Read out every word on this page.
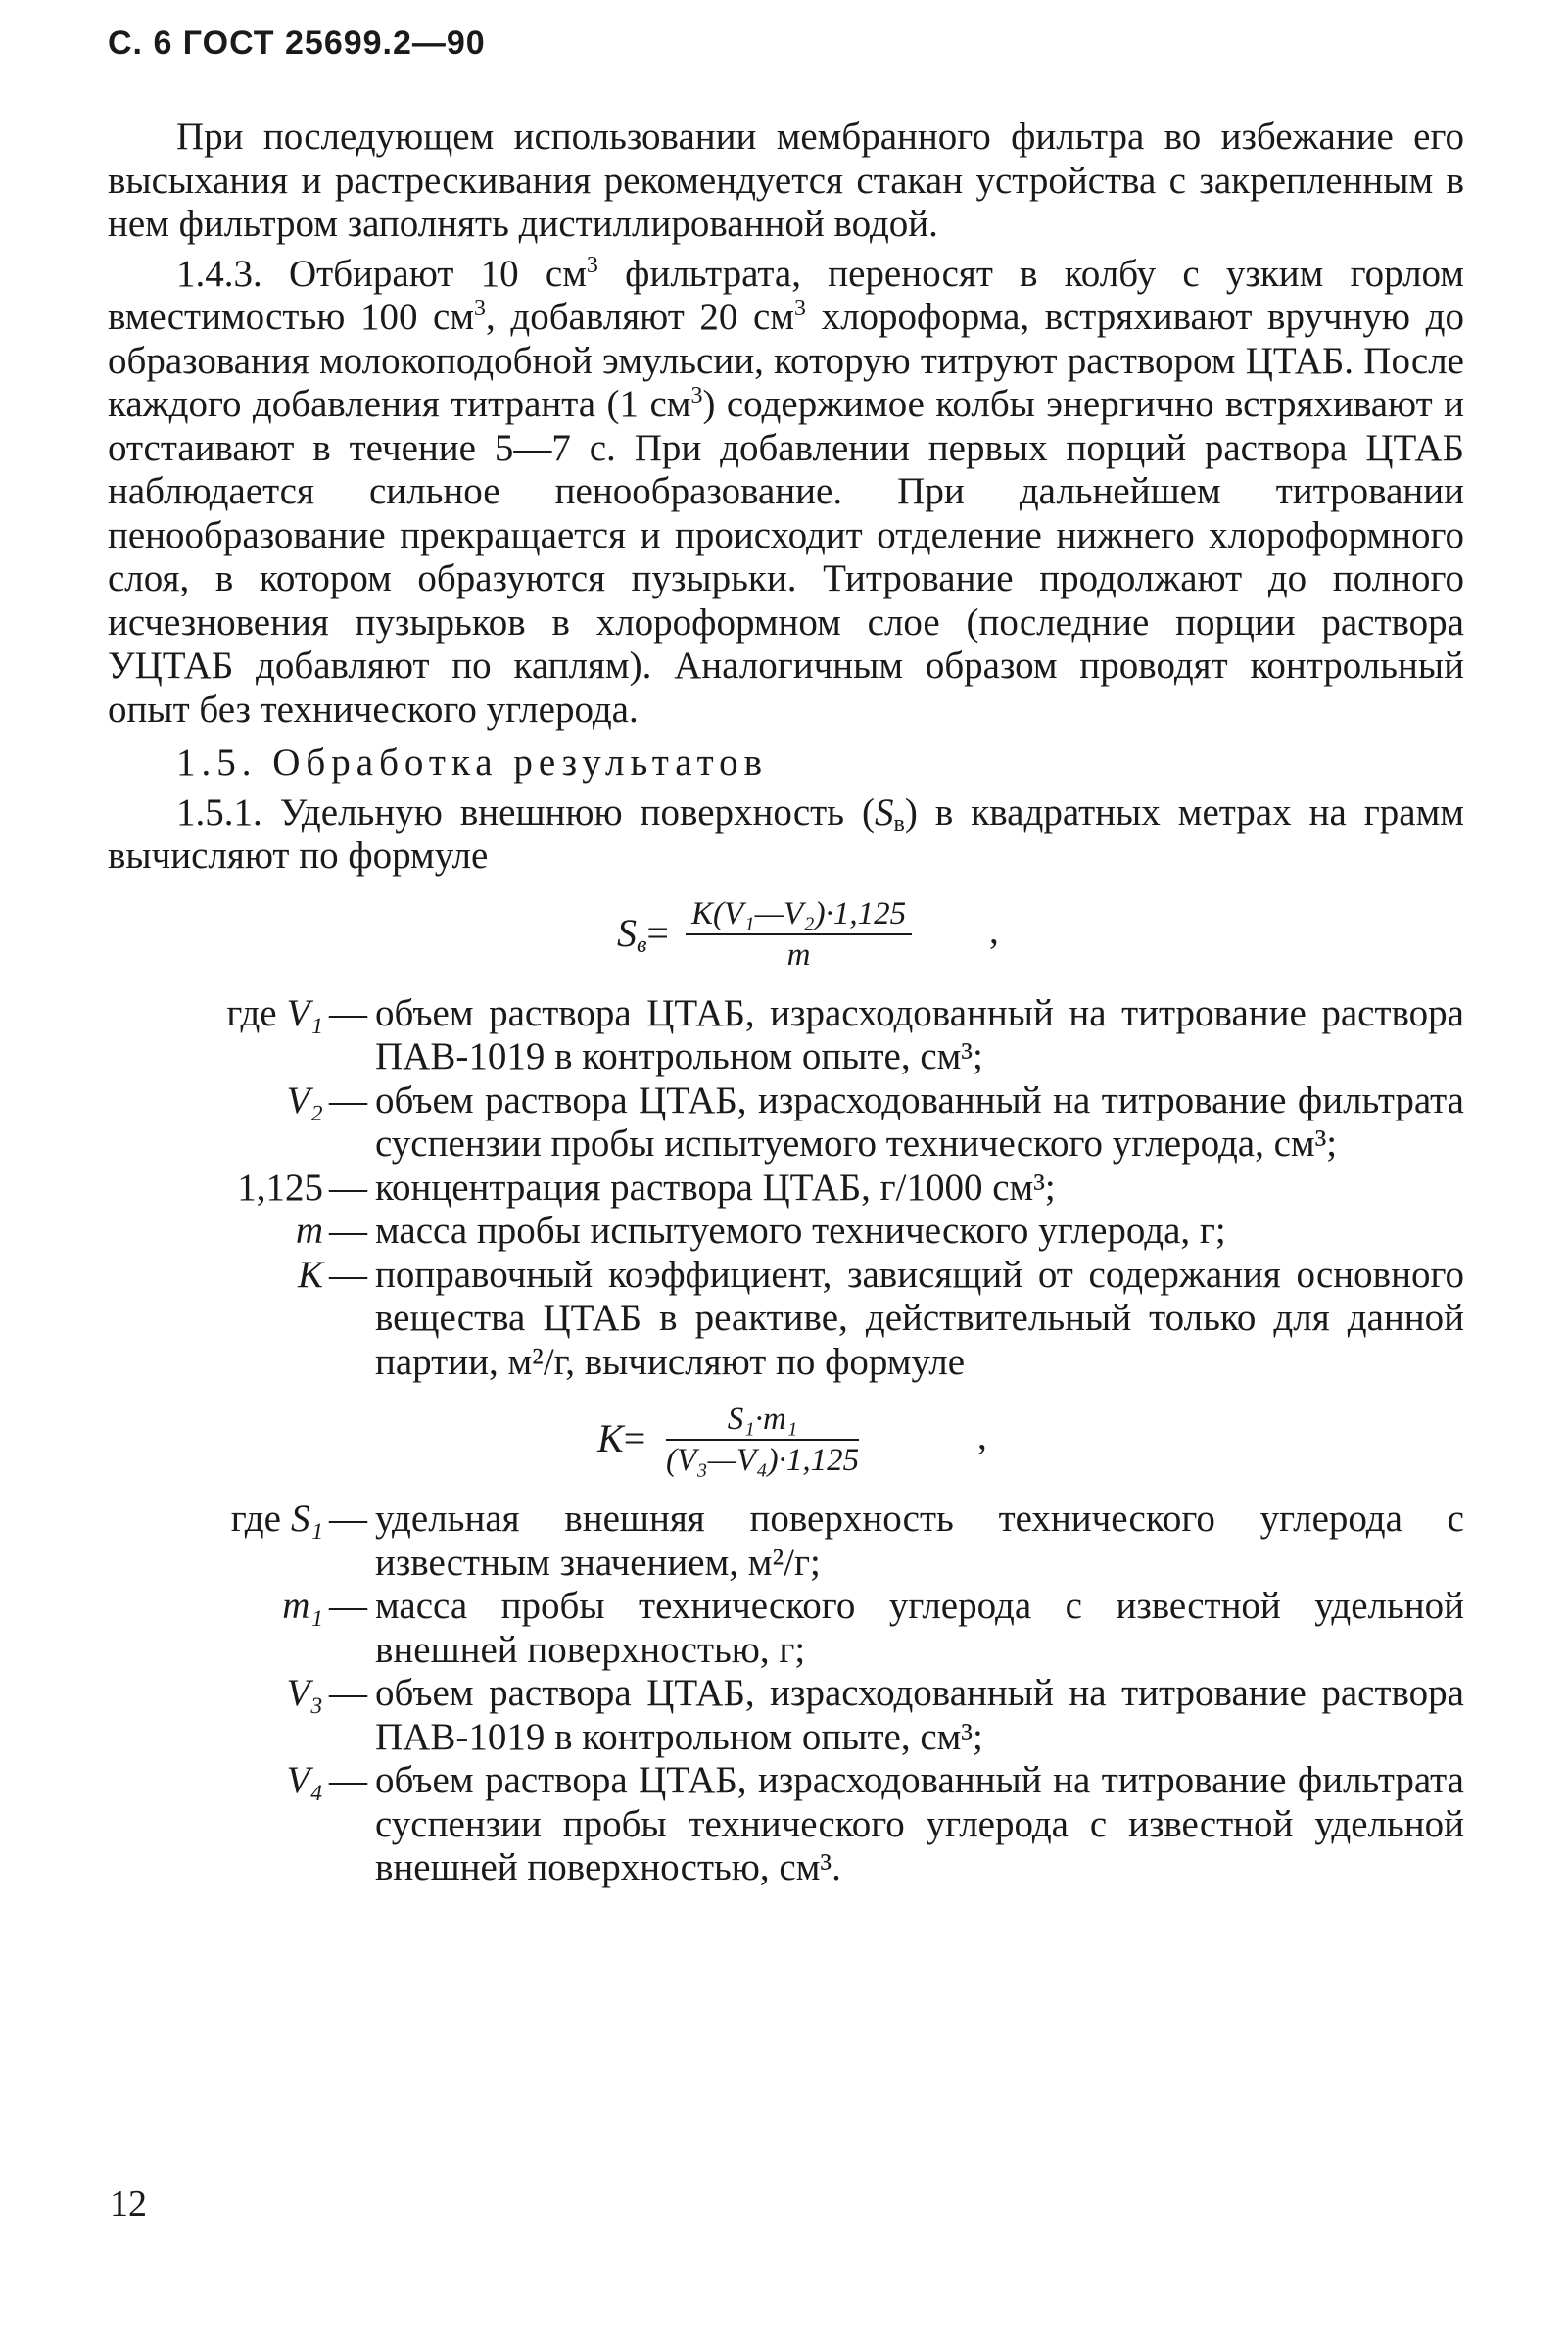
С. 6 ГОСТ 25699.2—90

При последующем использовании мембранного фильтра во избежание его высыхания и растрескивания рекомендуется стакан устройства с закрепленным в нем фильтром заполнять дистиллированной водой.

1.4.3. Отбирают 10 $см^3$ фильтрата, переносят в колбу с узким горлом вместимостью 100 $см^3$, добавляют 20 $см^3$ хлороформа, встряхивают вручную до образования молокоподобной эмульсии, которую титруют раствором ЦТАБ. После каждого добавления титранта (1 $см^3$) содержимое колбы энергично встряхивают и отстаивают в течение 5—7 с. При добавлении первых порций раствора ЦТАБ наблюдается сильное пенообразование. При дальнейшем титровании пенообразование прекращается и происходит отделение нижнего хлороформного слоя, в котором образуются пузырьки. Титрование продолжают до полного исчезновения пузырьков в хлороформном слое (последние порции раствора УЦТАБ добавляют по каплям). Аналогичным образом проводят контрольный опыт без технического углерода.

1.5. Обработка результатов

1.5.1. Удельную внешнюю поверхность $(S_в)$ в квадратных метрах на грамм вычисляют по формуле

$S_в=$ K(V₁—V₂)·1,125
m
,
где V₁ — объем раствора ЦТАБ, израсходованный на титрование раствора ПАВ-1019 в контрольном опыте, см³;
V₂ — объем раствора ЦТАБ, израсходованный на титрование фильтрата суспензии пробы испытуемого технического углерода, см³;
1,125 — концентрация раствора ЦТАБ, г/1000 см³;
m — масса пробы испытуемого технического углерода, г;
K — поправочный коэффициент, зависящий от содержания основного вещества ЦТАБ в реактиве, действительный только для данной партии, м²/г, вычисляют по формуле
K=	S₁·m₁
(V₃—V₄)·1,125
,
где S₁ — удельная внешняя поверхность технического углерода с известным значением, м²/г;
m₁ — масса пробы технического углерода с известной удельной внешней поверхностью, г;
V₃ — объем раствора ЦТАБ, израсходованный на титрование раствора ПАВ-1019 в контрольном опыте, см³;
V₄ — объем раствора ЦТАБ, израсходованный на титрование фильтрата суспензии пробы технического углерода с известной удельной внешней поверхностью, см³.
12
